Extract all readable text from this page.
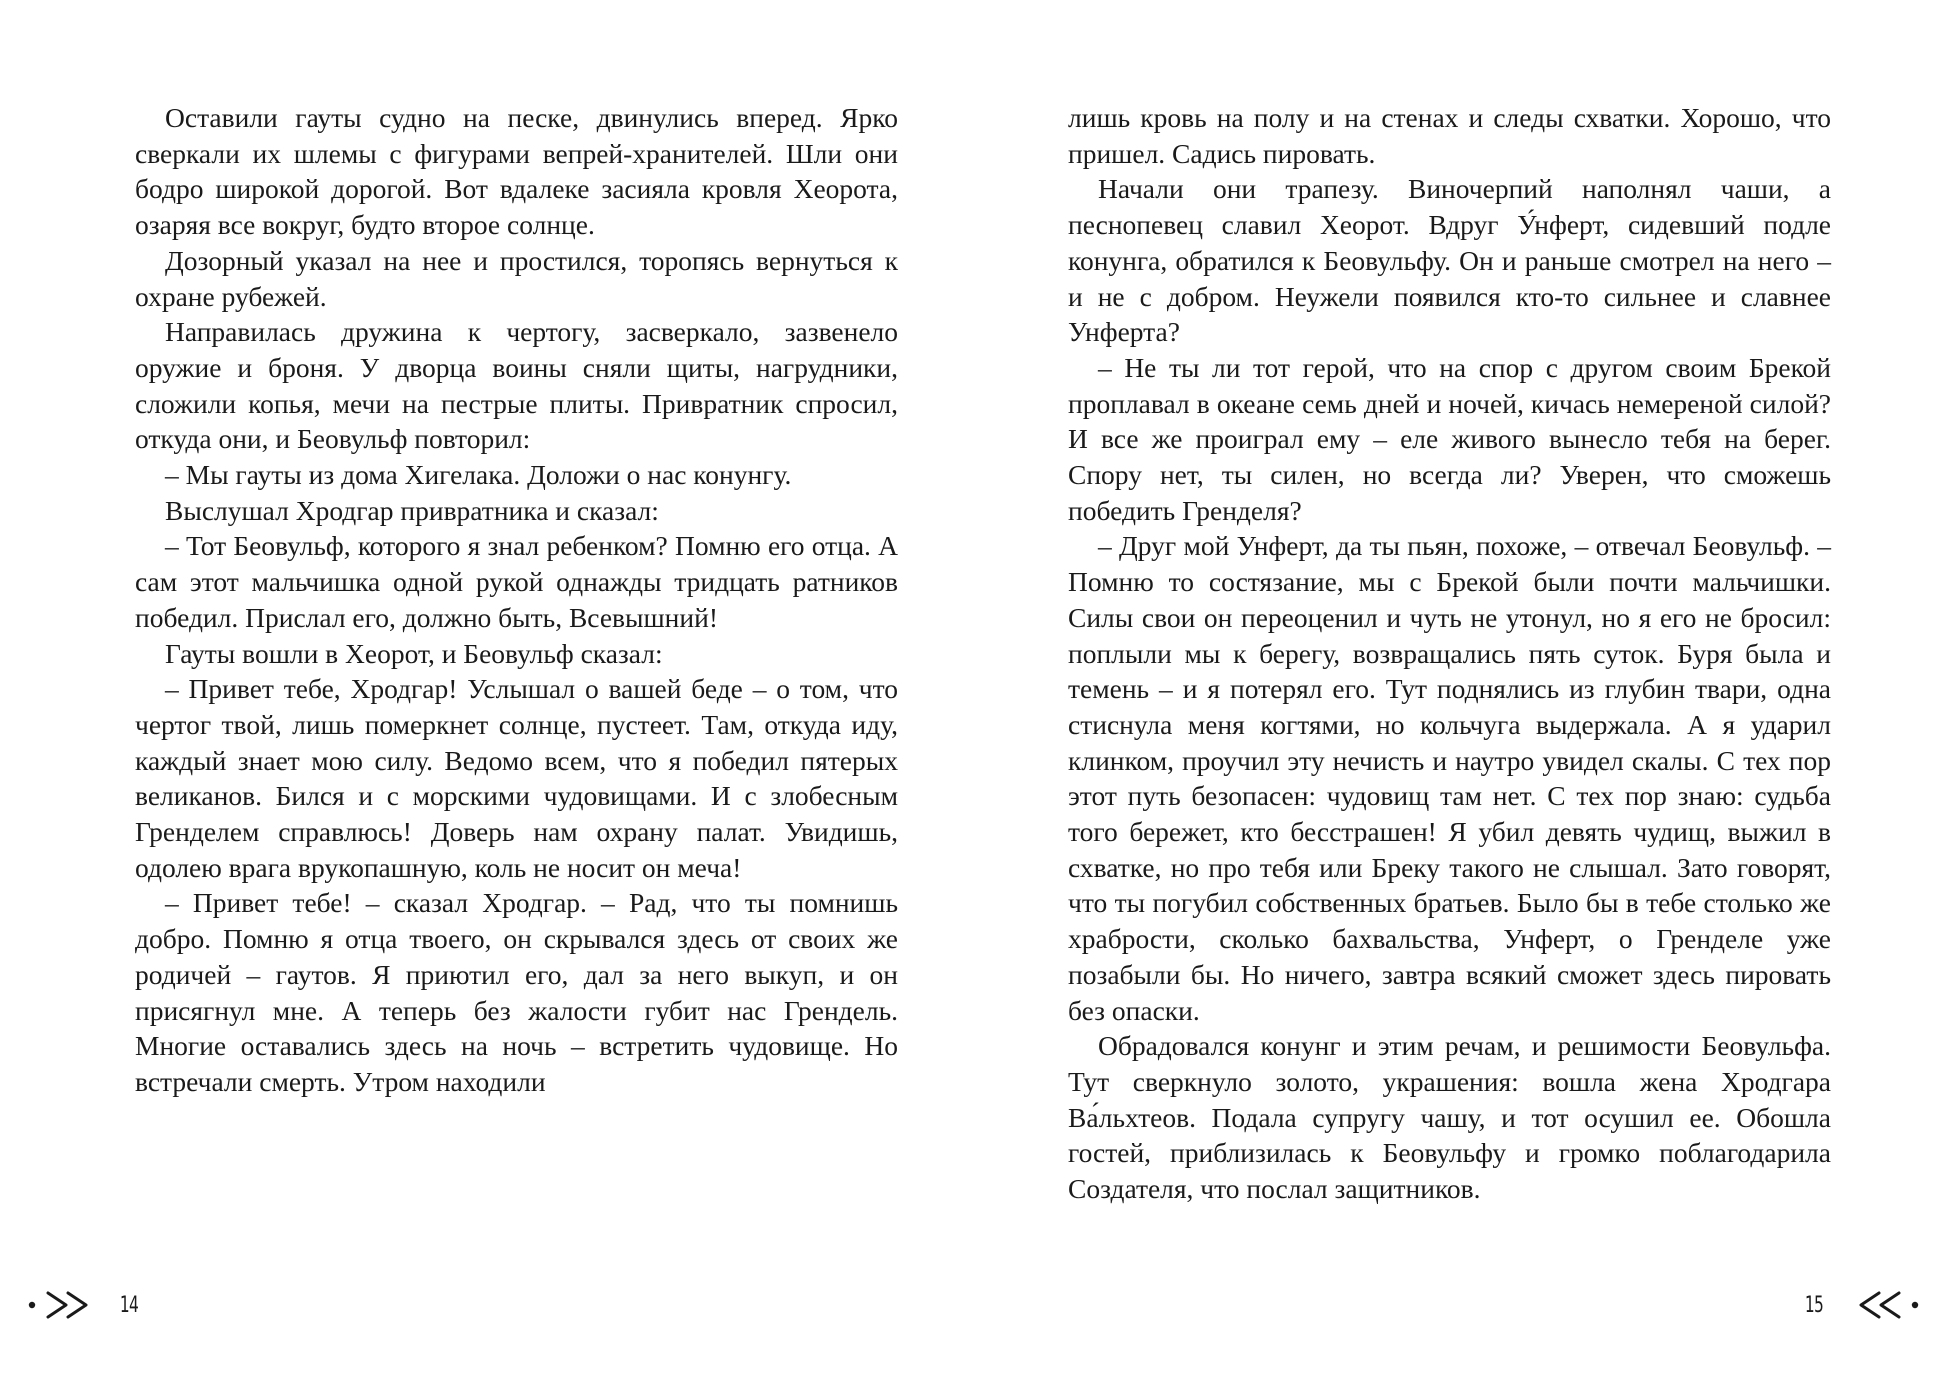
Оставили гауты судно на песке, двинулись вперед. Ярко сверкали их шлемы с фигурами вепрей-хранителей. Шли они бодро широкой дорогой. Вот вдалеке засияла кровля Хеорота, озаряя все вокруг, будто второе солнце.

Дозорный указал на нее и простился, торопясь вернуться к охране рубежей.

Направилась дружина к чертогу, засверкало, зазвенело оружие и броня. У дворца воины сняли щиты, нагрудники, сложили копья, мечи на пестрые плиты. Привратник спросил, откуда они, и Беовульф повторил:

– Мы гауты из дома Хигелака. Доложи о нас конунгу.

Выслушал Хродгар привратника и сказал:

– Тот Беовульф, которого я знал ребенком? Помню его отца. А сам этот мальчишка одной рукой однажды тридцать ратников победил. Прислал его, должно быть, Всевышний!

Гауты вошли в Хеорот, и Беовульф сказал:

– Привет тебе, Хродгар! Услышал о вашей беде – о том, что чертог твой, лишь померкнет солнце, пустеет. Там, откуда иду, каждый знает мою силу. Ведомо всем, что я победил пятерых великанов. Бился и с морскими чудовищами. И с злобесным Гренделем справлюсь! Доверь нам охрану палат. Увидишь, одолею врага врукопашную, коль не носит он меча!

– Привет тебе! – сказал Хродгар. – Рад, что ты помнишь добро. Помню я отца твоего, он скрывался здесь от своих же родичей – гаутов. Я приютил его, дал за него выкуп, и он присягнул мне. А теперь без жалости губит нас Грендель. Многие оставались здесь на ночь – встретить чудовище. Но встречали смерть. Утром находили

14

лишь кровь на полу и на стенах и следы схватки. Хорошо, что пришел. Садись пировать.

Начали они трапезу. Виночерпий наполнял чаши, а песнопевец славил Хеорот. Вдруг У́нферт, сидевший подле конунга, обратился к Беовульфу. Он и раньше смотрел на него – и не с добром. Неужели появился кто-то сильнее и славнее Унферта?

– Не ты ли тот герой, что на спор с другом своим Брекой проплавал в океане семь дней и ночей, кичась немереной силой? И все же проиграл ему – еле живого вынесло тебя на берег. Спору нет, ты силен, но всегда ли? Уверен, что сможешь победить Гренделя?

– Друг мой Унферт, да ты пьян, похоже, – отвечал Беовульф. – Помню то состязание, мы с Брекой были почти мальчишки. Силы свои он переоценил и чуть не утонул, но я его не бросил: поплыли мы к берегу, возвращались пять суток. Буря была и темень – и я потерял его. Тут поднялись из глубин твари, одна стиснула меня когтями, но кольчуга выдержала. А я ударил клинком, проучил эту нечисть и наутро увидел скалы. С тех пор этот путь безопасен: чудовищ там нет. С тех пор знаю: судьба того бережет, кто бесстрашен! Я убил девять чудищ, выжил в схватке, но про тебя или Бреку такого не слышал. Зато говорят, что ты погубил собственных братьев. Было бы в тебе столько же храбрости, сколько бахвальства, Унферт, о Гренделе уже позабыли бы. Но ничего, завтра всякий сможет здесь пировать без опаски.

Обрадовался конунг и этим речам, и решимости Беовульфа. Тут сверкнуло золото, украшения: вошла жена Хродгара Ва́льхтеов. Подала супругу чашу, и тот осушил ее. Обошла гостей, приблизилась к Беовульфу и громко поблагодарила Создателя, что послал защитников.

15
